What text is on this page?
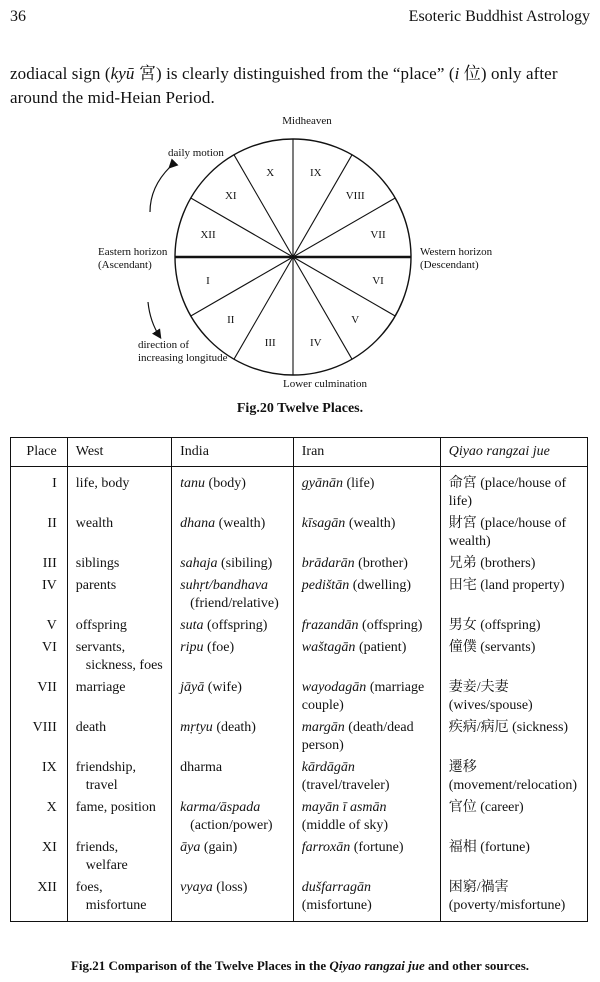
36	Esoteric Buddhist Astrology
zodiacal sign (kyū 宮) is clearly distinguished from the “place” (i 位) only after around the mid-Heian Period.
I
II
III	IV
V
VI
VII
VIII
IX
X
XI
XII
Midheaven
Lower culmination
Eastern horizon
(Ascendant)
Western horizon
(Descendant)
daily motion
direction of
increasing longitude
Fig.20 Twelve Places.
Place	West	India	Iran	Qiyao rangzai jue
I	life, body	tanu (body)	gyānān (life)	命宮 (place/house of life)
II	wealth	dhana (wealth)	kīsagān (wealth)	財宮 (place/house of wealth)
III	siblings	sahaja (sibiling)	brādarān (brother)	兄弟 (brothers)
IV	parents	suhṛt/bandhava (friend/relative)	pedištān (dwelling)	田宅 (land property)
V	offspring	suta (offspring)	frazandān (offspring)	男女 (offspring)
VI	servants, sickness, foes	ripu (foe)	waštagān (patient)	僮僕 (servants)
VII	marriage	jāyā (wife)	wayodagān (marriage couple)	妻妾/夫妻 (wives/spouse)
VIII	death	mṛtyu (death)	margān (death/dead person)	疾病/病厄 (sickness)
IX	friendship, travel	dharma	kārdāgān (travel/traveler)	遷移 (movement/relocation)
X	fame, position	karma/āspada (action/power)	mayān ī asmān (middle of sky)	官位 (career)
XI	friends, welfare	āya (gain)	farroxān (fortune)	福相 (fortune)
XII	foes, misfortune	vyaya (loss)	dušfarragān (misfortune)	困窮/禍害 (poverty/misfortune)
Fig.21 Comparison of the Twelve Places in the Qiyao rangzai jue and other sources.
